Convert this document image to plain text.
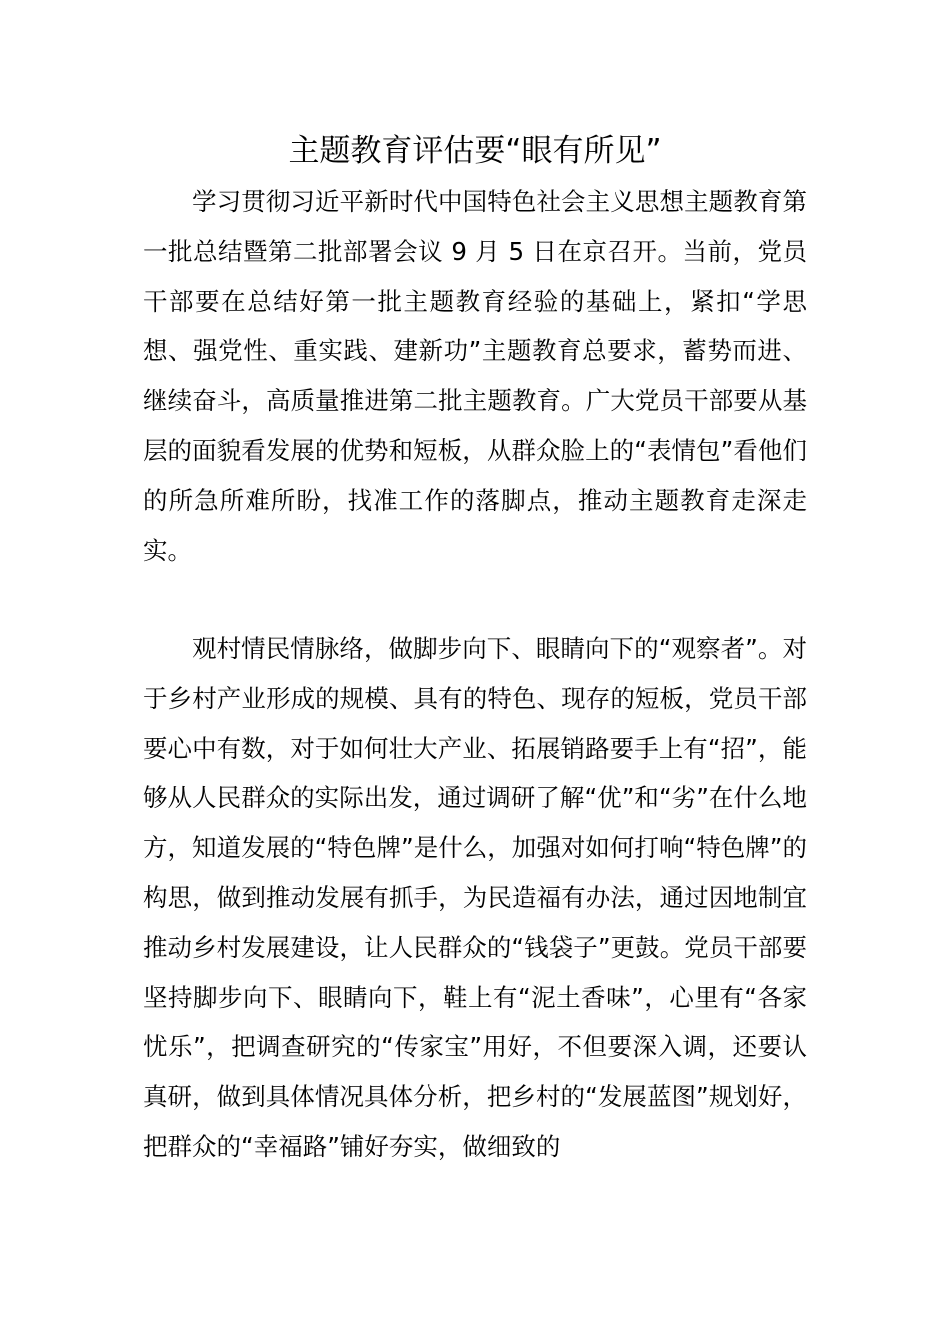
主题教育评估要“眼有所见”

学习贯彻习近平新时代中国特色社会主义思想主题教育第一批总结暨第二批部署会议 9 月 5 日在京召开。当前，党员干部要在总结好第一批主题教育经验的基础上，紧扣“学思想、强党性、重实践、建新功”主题教育总要求，蓄势而进、继续奋斗，高质量推进第二批主题教育。广大党员干部要从基层的面貌看发展的优势和短板，从群众脸上的“表情包”看他们的所急所难所盼，找准工作的落脚点，推动主题教育走深走实。

观村情民情脉络，做脚步向下、眼睛向下的“观察者”。对于乡村产业形成的规模、具有的特色、现存的短板，党员干部要心中有数，对于如何壮大产业、拓展销路要手上有“招”，能够从人民群众的实际出发，通过调研了解“优”和“劣”在什么地方，知道发展的“特色牌”是什么，加强对如何打响“特色牌”的构思，做到推动发展有抓手，为民造福有办法，通过因地制宜推动乡村发展建设，让人民群众的“钱袋子”更鼓。党员干部要坚持脚步向下、眼睛向下，鞋上有“泥土香味”，心里有“各家忧乐”，把调查研究的“传家宝”用好，不但要深入调，还要认真研，做到具体情况具体分析，把乡村的“发展蓝图”规划好，把群众的“幸福路”铺好夯实，做细致的
